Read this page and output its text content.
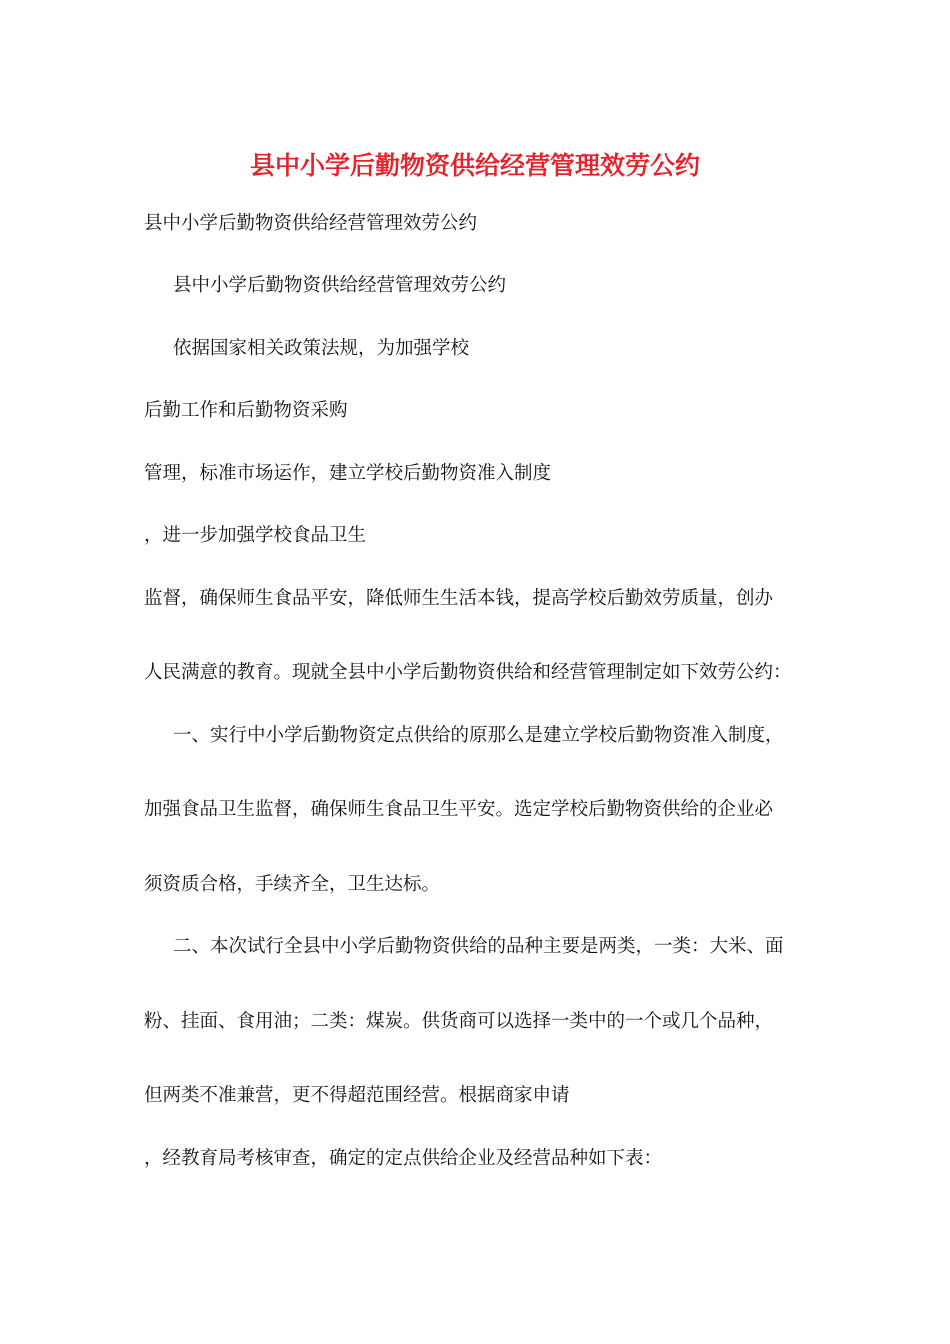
县中小学后勤物资供给经营管理效劳公约
县中小学后勤物资供给经营管理效劳公约
县中小学后勤物资供给经营管理效劳公约
依据国家相关政策法规，为加强学校
后勤工作和后勤物资采购
管理，标准市场运作，建立学校后勤物资准入制度
，进一步加强学校食品卫生
监督，确保师生食品平安，降低师生生活本钱，提高学校后勤效劳质量，创办
人民满意的教育。现就全县中小学后勤物资供给和经营管理制定如下效劳公约：
一、实行中小学后勤物资定点供给的原那么是建立学校后勤物资准入制度，
加强食品卫生监督，确保师生食品卫生平安。选定学校后勤物资供给的企业必
须资质合格，手续齐全，卫生达标。
二、本次试行全县中小学后勤物资供给的品种主要是两类，一类：大米、面
粉、挂面、食用油；二类：煤炭。供货商可以选择一类中的一个或几个品种，
但两类不准兼营，更不得超范围经营。根据商家申请
，经教育局考核审查，确定的定点供给企业及经营品种如下表：
